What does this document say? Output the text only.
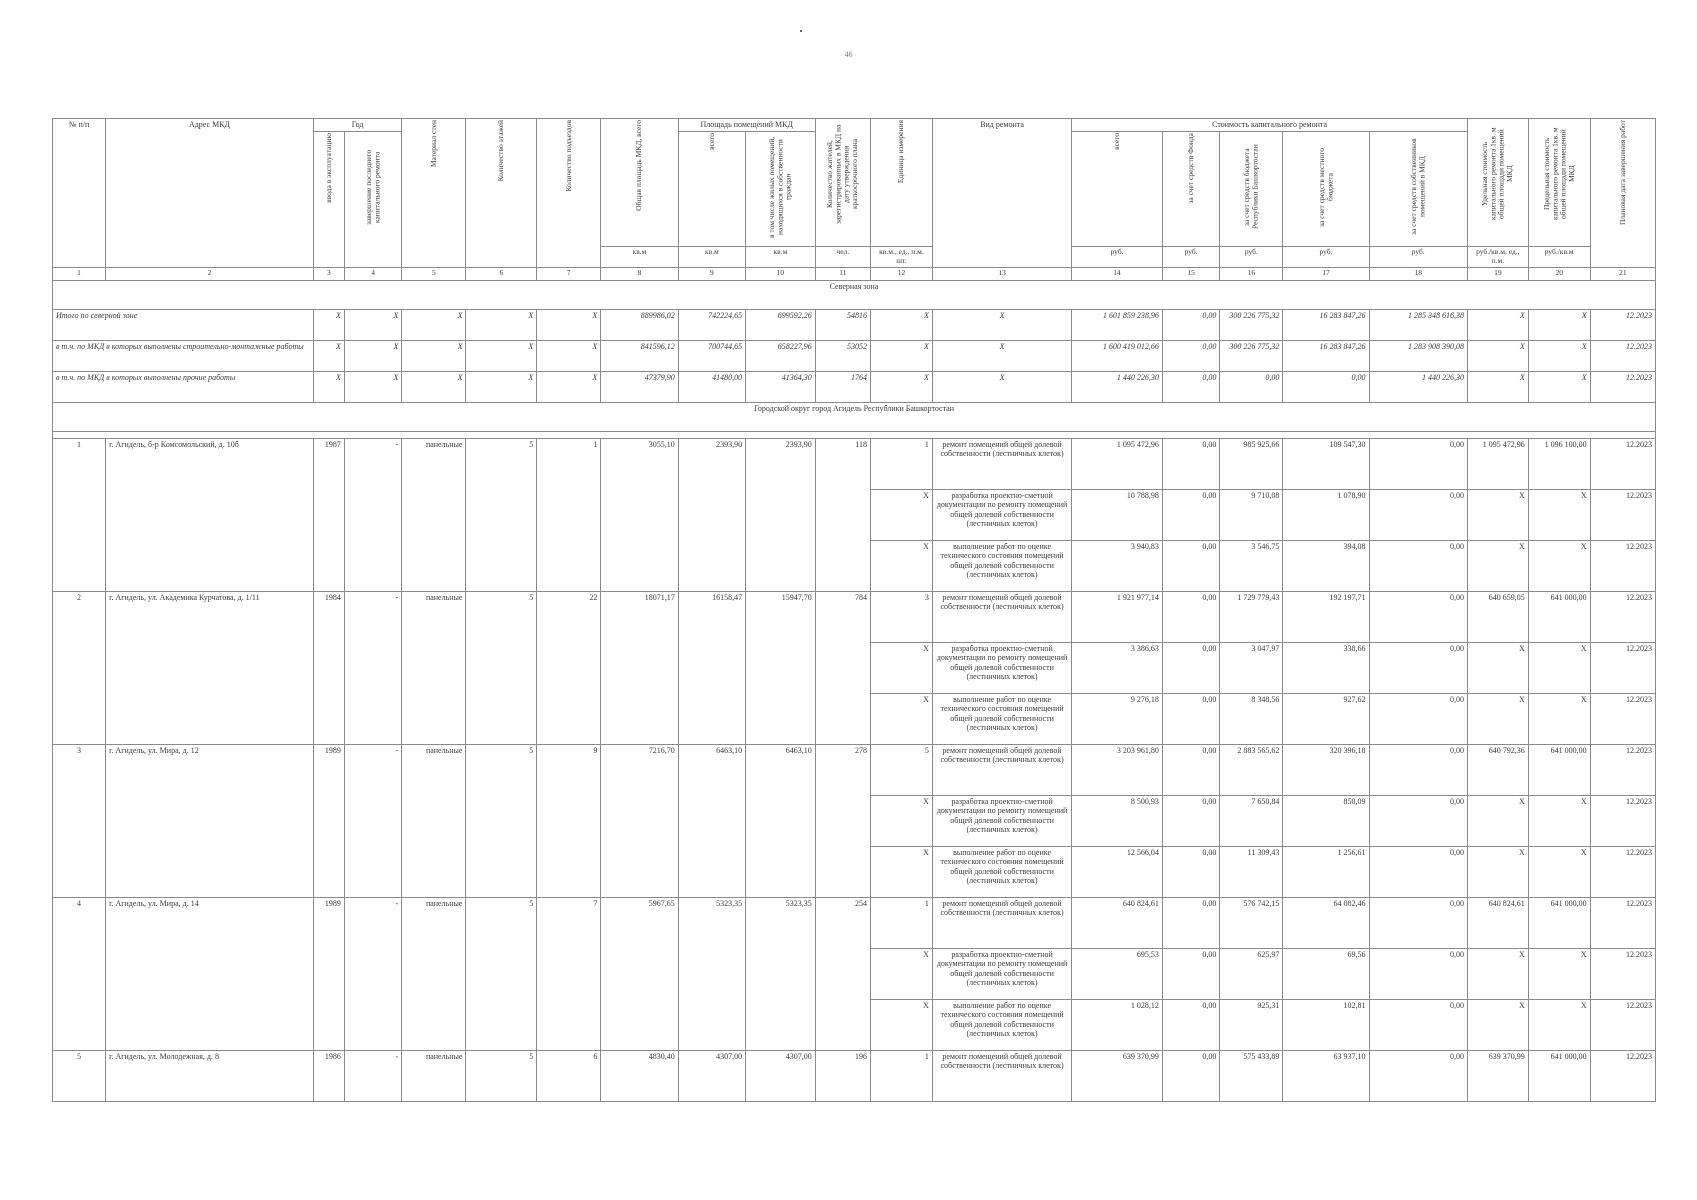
46
№ п/п	Адрес МКД	Год		Материал стен	Количество этажей	Количество подъездов	Общая площадь МКД, всего	Площадь помещений МКД		Количество жителей, зарегистрированных в МКД на дату утверждения краткосрочного плана	Единица измерения	Вид ремонта	Стоимость капитального ремонта					Удельная стоимость капитального ремонта 1кв. м общей площади помещений МКД	Предельная стоимость капитального ремонта 1кв. м общей площади помещений МКД	Плановая дата завершения работ
		ввода в эксплуатацию	завершение последнего капитального ремонта					всего	в том числе жилых помещений, находящихся в собственности граждан				всего	за счет средств Фонда	за счет средств бюджета Республики Башкортостан	за счет средств местного бюджета	за счет средств собственников помещений в МКД			
							кв.м	кв.м	кв.м	чел.	кв.м., ед., п.м. шт.		руб.	руб.	руб.	руб.	руб.	руб./кв.м, ед., п.м.	руб./кв.м	
1	2	3	4	5	6	7	8	9	10	11	12	13	14	15	16	17	18	19	20	21
Северная зона																				
Итого по северной зоне		X	X	X	X	X	889986,02	742224,65	699592,26	54816	X	X	1 601 859 238,96	0,00	300 226 775,32	16 283 847,26	1 285 348 616,38	X	X	12.2023
в т.ч. по МКД в которых выполнены строительно-монтажные работы		X	X	X	X	X	841596,12	700744,65	658227,96	53052	X	X	1 600 419 012,66	0,00	300 226 775,32	16 283 847,26	1 283 908 390,08	X	X	12.2023
в т.ч. по МКД в которых выполнены прочие работы		X	X	X	X	X	47379,90	41480,00	41364,30	1764	X	X	1 440 226,30	0,00	0,00	0,00	1 440 226,30	X	X	12.2023
Городской округ город Агидель Республики Башкортостан																				

1	г. Агидель, б-р Комсомольский, д. 10б	1987	-	панельные	5	1	3055,10	2393,90	2393,90	118	1	ремонт помещений общей долевой собственности (лестничных клеток)	1 095 472,96	0,00	985 925,66	109 547,30	0,00	1 095 472,96	1 096 100,00	12.2023
											X	разработка проектно-сметной документации по ремонту помещений общей долевой собственности (лестничных клеток)	10 788,98	0,00	9 710,08	1 078,90	0,00	X	X	12.2023
											X	выполнение работ по оценке технического состояния помещений общей долевой собственности (лестничных клеток)	3 940,83	0,00	3 546,75	394,08	0,00	X	X	12.2023
2	г. Агидель, ул. Академика Курчатова, д. 1/11	1984	-	панельные	5	22	18071,17	16158,47	15947,70	784	3	ремонт помещений общей долевой собственности (лестничных клеток)	1 921 977,14	0,00	1 729 779,43	192 197,71	0,00	640 659,05	641 000,00	12.2023
											X	разработка проектно-сметной документации по ремонту помещений общей долевой собственности (лестничных клеток)	3 386,63	0,00	3 047,97	338,66	0,00	X	X	12.2023
											X	выполнение работ по оценке технического состояния помещений общей долевой собственности (лестничных клеток)	9 276,18	0,00	8 348,56	927,62	0,00	X	X	12.2023
3	г. Агидель, ул. Мира, д. 12	1989	-	панельные	5	9	7216,70	6463,10	6463,10	278	5	ремонт помещений общей долевой собственности (лестничных клеток)	3 203 961,80	0,00	2 883 565,62	320 396,18	0,00	640 792,36	641 000,00	12.2023
											X	разработка проектно-сметной документации по ремонту помещений общей долевой собственности (лестничных клеток)	8 500,93	0,00	7 650,84	850,09	0,00	X	X	12.2023
											X	выполнение работ по оценке технического состояния помещений общей долевой собственности (лестничных клеток)	12 566,04	0,00	11 309,43	1 256,61	0,00	X	X	12.2023
4	г. Агидель, ул. Мира, д. 14	1989	-	панельные	5	7	5967,65	5323,35	5323,35	254	1	ремонт помещений общей долевой собственности (лестничных клеток)	640 824,61	0,00	576 742,15	64 082,46	0,00	640 824,61	641 000,00	12.2023
											X	разработка проектно-сметной документации по ремонту помещений общей долевой собственности (лестничных клеток)	695,53	0,00	625,97	69,56	0,00	X	X	12.2023
											X	выполнение работ по оценке технического состояния помещений общей долевой собственности (лестничных клеток)	1 028,12	0,00	925,31	102,81	0,00	X	X	12.2023
5	г. Агидель, ул. Молодежная, д. 8	1986	-	панельные	5	6	4830,40	4307,00	4307,00	196	1	ремонт помещений общей долевой собственности (лестничных клеток)	639 370,99	0,00	575 433,89	63 937,10	0,00	639 370,99	641 000,00	12.2023
